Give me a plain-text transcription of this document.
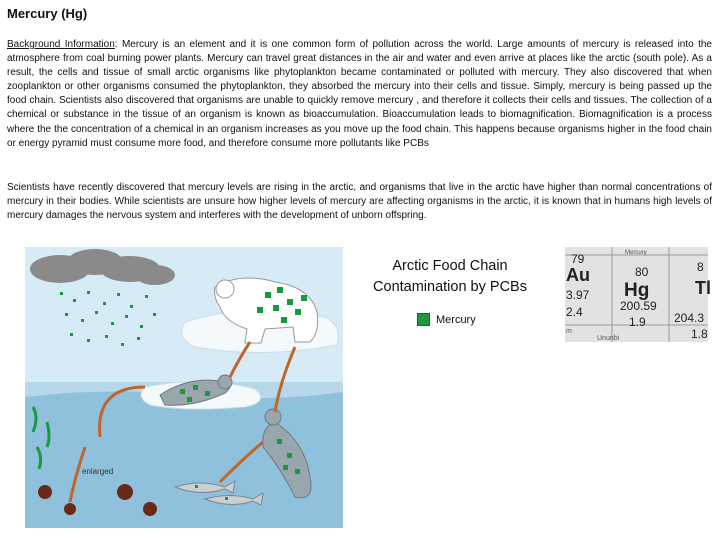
Mercury (Hg)

Background Information: Mercury is an element and it is one common form of pollution across the world. Large amounts of mercury is released into the atmosphere from coal burning power plants. Mercury can travel great distances in the air and water and even arrive at places like the arctic (south pole). As a result, the cells and tissue of small arctic organisms like phytoplankton became contaminated or polluted with mercury. They also discovered that when zooplankton or other organisms consumed the phytoplankton, they absorbed the mercury into their cells and tissue. Simply, mercury is being passed up the food chain. Scientists also discovered that organisms are unable to quickly remove mercury , and therefore it collects their cells and tissues. The collection of a chemical or substance in the tissue of an organism is known as bioaccumulation. Bioaccumulation leads to biomagnification. Biomagnification is a process where the the concentration of a chemical in an organism increases as you move up the food chain. This happens because organisms higher in the food chain or energy pyramid must consume more food, and therefore consume more pollutants like PCBs

Scientists have recently discovered that mercury levels are rising in the arctic, and organisms that live in the arctic have higher than normal concentrations of mercury in their bodies. While scientists are unsure how higher levels of mercury are affecting organisms in the arctic, it is known that in humans high levels of mercury damages the nervous system and interferes with the development of unborn offspring.

enlarged
Arctic Food Chain Contamination by PCBs
Mercury
79
80	8
Mercury
Au
Hg	Tl
3.97
200.59
204.3
2.4
1.9
1.8
m
Ununbi
